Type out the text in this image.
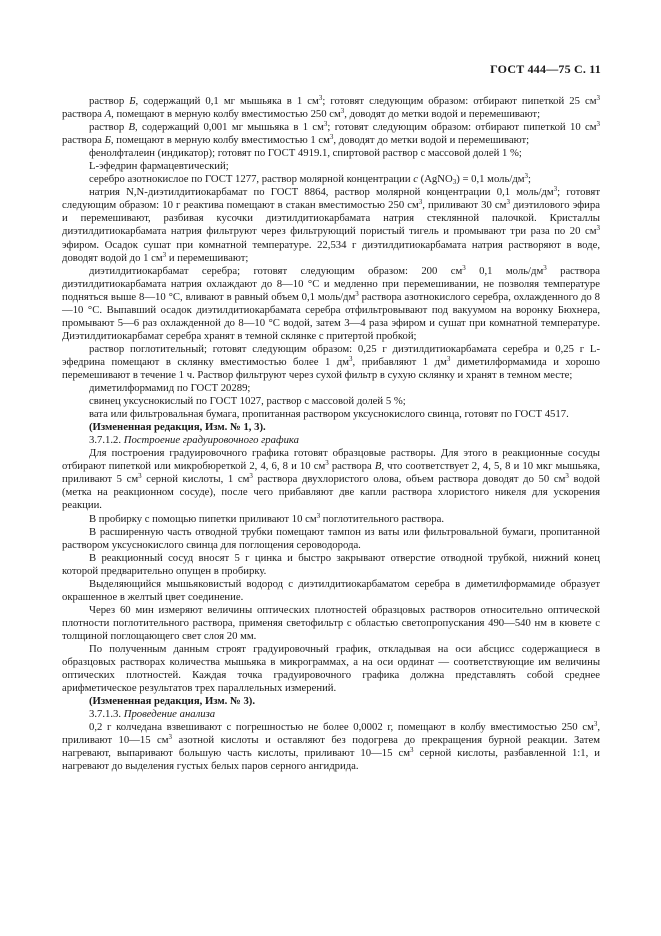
ГОСТ 444—75 С. 11

раствор Б, содержащий 0,1 мг мышьяка в 1 $см^3$; готовят следующим образом: отбирают пипеткой 25 $см^3$ раствора А, помещают в мерную колбу вместимостью 250 $см^3$, доводят до метки водой и перемешивают;

раствор В, содержащий 0,001 мг мышьяка в 1 $см^3$; готовят следующим образом: отбирают пипеткой 10 $см^3$ раствора Б, помещают в мерную колбу вместимостью 1 $см^3$, доводят до метки водой и перемешивают;

фенолфталеин (индикатор); готовят по ГОСТ 4919.1, спиртовой раствор с массовой долей 1 %;

L-эфедрин фармацевтический;

серебро азотнокислое по ГОСТ 1277, раствор молярной концентрации c (AgNO$_3$) = 0,1 моль/$дм^3$;

натрия N,N-диэтилдитиокарбамат по ГОСТ 8864, раствор молярной концентрации 0,1 моль/$дм^3$; готовят следующим образом: 10 г реактива помещают в стакан вместимостью 250 $см^3$, приливают 30 $см^3$ диэтилового эфира и перемешивают, разбивая кусочки диэтилдитиокарбамата натрия стеклянной палочкой. Кристаллы диэтилдитиокарбамата натрия фильтруют через фильтрующий пористый тигель и промывают три раза по 20 $см^3$ эфиром. Осадок сушат при комнатной температуре. 22,534 г диэтилдитиокарбамата натрия растворяют в воде, доводят водой до 1 $см^3$ и перемешивают;

диэтилдитиокарбамат серебра; готовят следующим образом: 200 $см^3$ 0,1 моль/$дм^3$ раствора диэтилдитиокарбамата натрия охлаждают до 8—10 °С и медленно при перемешивании, не позволяя температуре подняться выше 8—10 °С, вливают в равный объем 0,1 моль/$дм^3$ раствора азотнокислого серебра, охлажденного до 8—10 °С. Выпавший осадок диэтилдитиокарбамата серебра отфильтровывают под вакуумом на воронку Бюхнера, промывают 5—6 раз охлажденной до 8—10 °С водой, затем 3—4 раза эфиром и сушат при комнатной температуре. Диэтилдитиокарбамат серебра хранят в темной склянке с притертой пробкой;

раствор поглотительный; готовят следующим образом: 0,25 г диэтилдитиокарбамата серебра и 0,25 г L-эфедрина помещают в склянку вместимостью более 1 $дм^3$, прибавляют 1 $дм^3$ диметилформамида и хорошо перемешивают в течение 1 ч. Раствор фильтруют через сухой фильтр в сухую склянку и хранят в темном месте;

диметилформамид по ГОСТ 20289;

свинец уксуснокислый по ГОСТ 1027, раствор с массовой долей 5 %;

вата или фильтровальная бумага, пропитанная раствором уксуснокислого свинца, готовят по ГОСТ 4517.

(Измененная редакция, Изм. № 1, 3).

3.7.1.2. Построение градуировочного графика

Для построения градуировочного графика готовят образцовые растворы. Для этого в реакционные сосуды отбирают пипеткой или микробюреткой 2, 4, 6, 8 и 10 $см^3$ раствора В, что соответствует 2, 4, 5, 8 и 10 мкг мышьяка, приливают 5 $см^3$ серной кислоты, 1 $см^3$ раствора двухлористого олова, объем раствора доводят до 50 $см^3$ водой (метка на реакционном сосуде), после чего прибавляют две капли раствора хлористого никеля для ускорения реакции.

В пробирку с помощью пипетки приливают 10 $см^3$ поглотительного раствора.

В расширенную часть отводной трубки помещают тампон из ваты или фильтровальной бумаги, пропитанной раствором уксуснокислого свинца для поглощения сероводорода.

В реакционный сосуд вносят 5 г цинка и быстро закрывают отверстие отводной трубкой, нижний конец которой предварительно опущен в пробирку.

Выделяющийся мышьяковистый водород с диэтилдитиокарбаматом серебра в диметилформамиде образует окрашенное в желтый цвет соединение.

Через 60 мин измеряют величины оптических плотностей образцовых растворов относительно оптической плотности поглотительного раствора, применяя светофильтр с областью светопропускания 490—540 нм в кювете с толщиной поглощающего свет слоя 20 мм.

По полученным данным строят градуировочный график, откладывая на оси абсцисс содержащиеся в образцовых растворах количества мышьяка в микрограммах, а на оси ординат — соответствующие им величины оптических плотностей. Каждая точка градуировочного графика должна представлять собой среднее арифметическое результатов трех параллельных измерений.

(Измененная редакция, Изм. № 3).

3.7.1.3. Проведение анализа

0,2 г колчедана взвешивают с погрешностью не более 0,0002 г, помещают в колбу вместимостью 250 $см^3$, приливают 10—15 $см^3$ азотной кислоты и оставляют без подогрева до прекращения бурной реакции. Затем нагревают, выпаривают большую часть кислоты, приливают 10—15 $см^3$ серной кислоты, разбавленной 1:1, и нагревают до выделения густых белых паров серного ангидрида.
